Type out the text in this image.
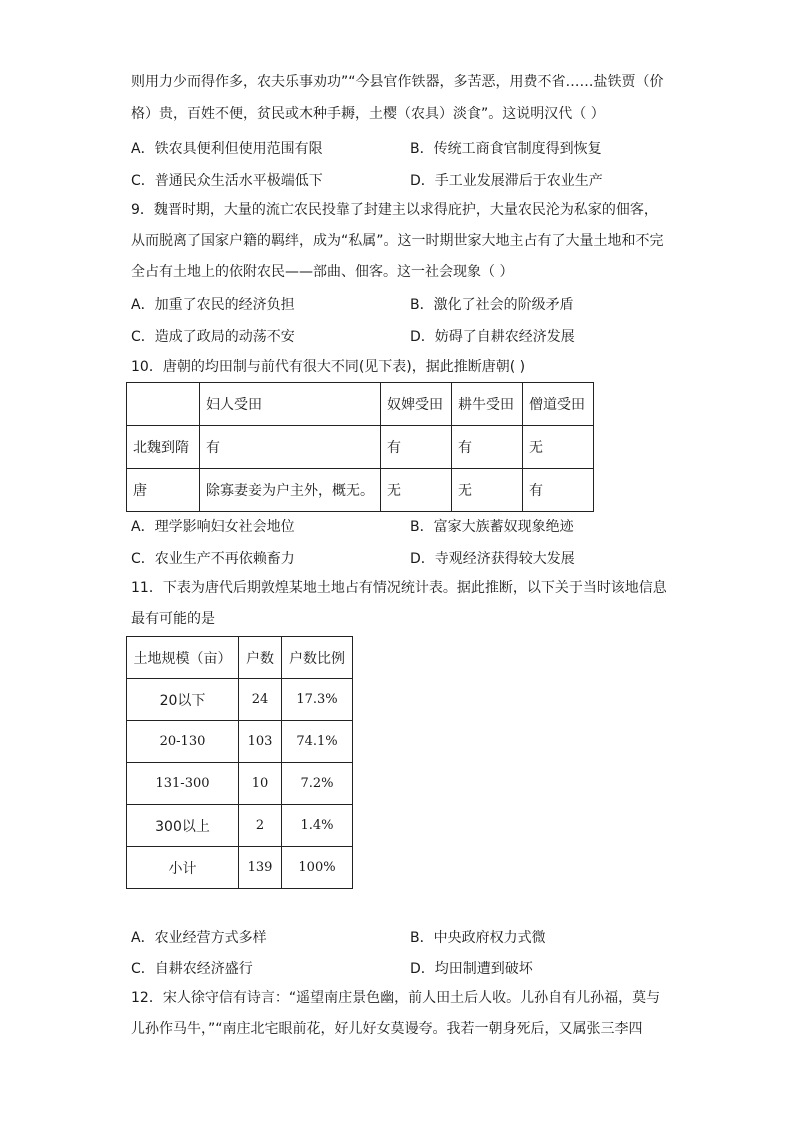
则用力少而得作多，农夫乐事劝功”“今县官作铁器，多苦恶，用费不省……盐铁贾（价
格）贵，百姓不便，贫民或木种手耨，土樱（农具）淡食”。这说明汉代（ ）
A．铁农具便利但使用范围有限	B．传统工商食官制度得到恢复
C．普通民众生活水平极端低下	D．手工业发展滞后于农业生产
9．魏晋时期，大量的流亡农民投靠了封建主以求得庇护，大量农民沦为私家的佃客，
从而脱离了国家户籍的羁绊，成为“私属”。这一时期世家大地主占有了大量土地和不完
全占有土地上的依附农民——部曲、佃客。这一社会现象（ ）
A．加重了农民的经济负担	B．激化了社会的阶级矛盾
C．造成了政局的动荡不安	D．妨碍了自耕农经济发展
10．唐朝的均田制与前代有很大不同(见下表)，据此推断唐朝( )
	妇人受田	奴婢受田	耕牛受田	僧道受田
北魏到隋	有	有	有	无
唐	除寡妻妾为户主外，概无。	无	无	有
A．理学影响妇女社会地位	B．富家大族蓄奴现象绝迹
C．农业生产不再依赖畜力	D．寺观经济获得较大发展
11．下表为唐代后期敦煌某地土地占有情况统计表。据此推断，以下关于当时该地信息
最有可能的是
土地规模（亩）	户数	户数比例
20以下	24	17.3%
20-130	103	74.1%
131-300	10	7.2%
300以上	2	1.4%
小计	139	100%
A．农业经营方式多样	B．中央政府权力式微
C．自耕农经济盛行	D．均田制遭到破坏
12．宋人徐守信有诗言：“遥望南庄景色幽，前人田土后人收。儿孙自有儿孙福，莫与
儿孙作马牛，”“南庄北宅眼前花，好儿好女莫谩夸。我若一朝身死后，又属张三李四
